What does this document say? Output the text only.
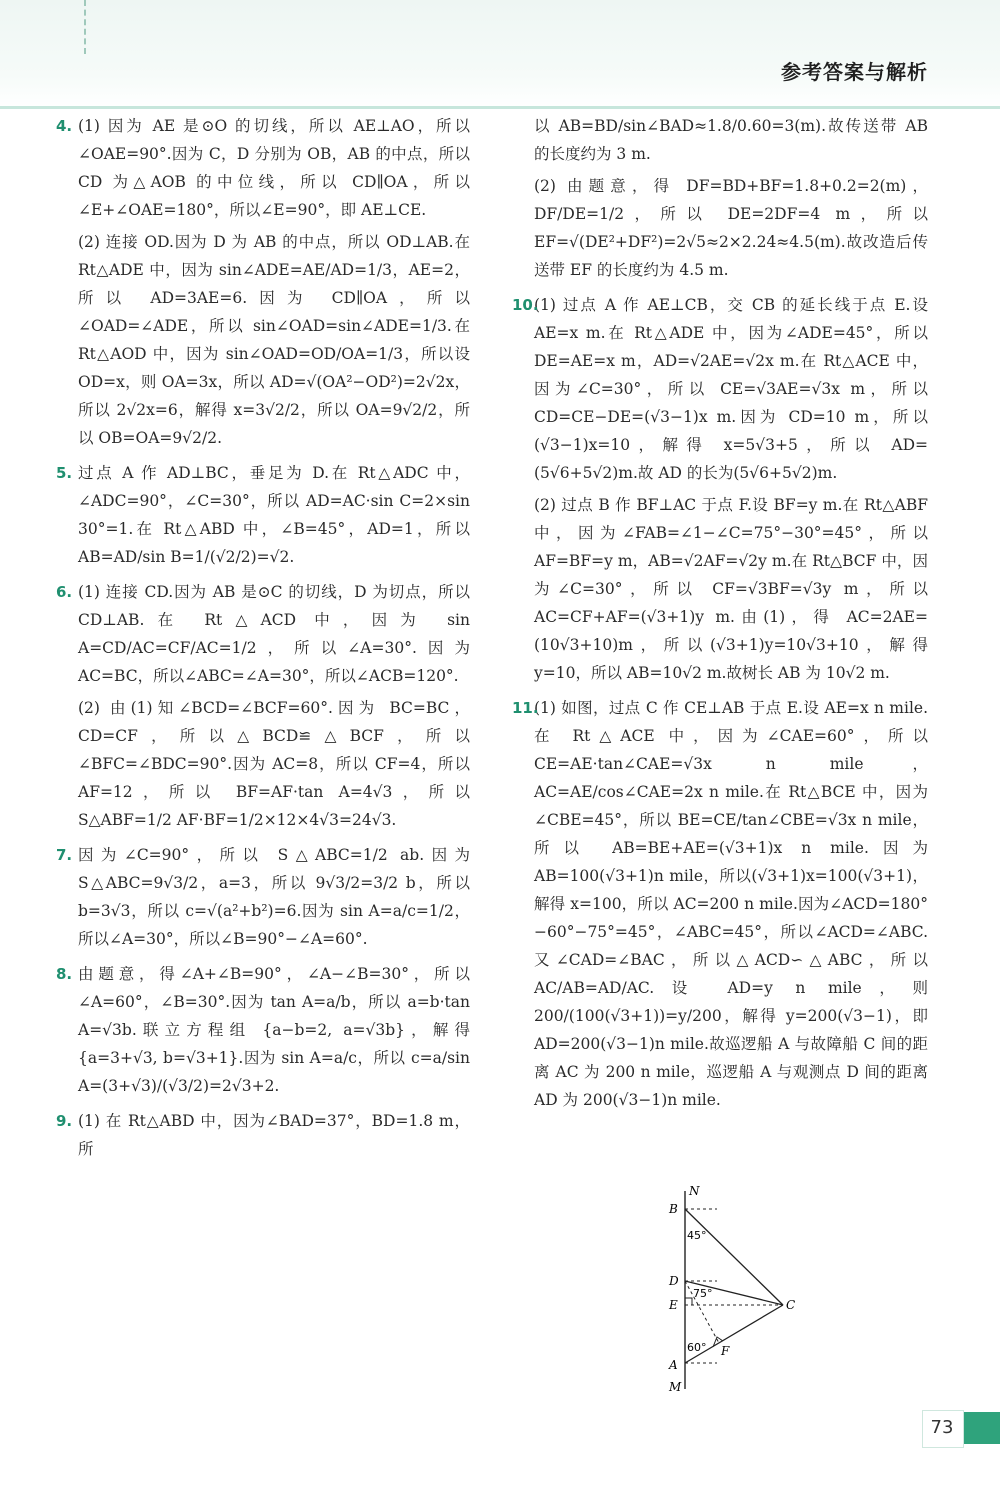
参考答案与解析
4. (1) 因为 AE 是⊙O 的切线，所以 AE⊥AO，所以∠OAE=90°.因为 C，D 分别为 OB，AB 的中点，所以 CD 为△AOB 的中位线，所以 CD∥OA，所以∠E+∠OAE=180°，所以∠E=90°，即 AE⊥CE.

(2) 连接 OD.因为 D 为 AB 的中点，所以 OD⊥AB.在 Rt△ADE 中，因为 sin∠ADE=AE/AD=1/3，AE=2，所以 AD=3AE=6.因为 CD∥OA，所以∠OAD=∠ADE，所以 sin∠OAD=sin∠ADE=1/3.在 Rt△AOD 中，因为 sin∠OAD=OD/OA=1/3，所以设 OD=x，则 OA=3x，所以 AD=√(OA²−OD²)=2√2x，所以 2√2x=6，解得 x=3√2/2，所以 OA=9√2/2，所以 OB=OA=9√2/2.

5. 过点 A 作 AD⊥BC，垂足为 D.在 Rt△ADC 中，∠ADC=90°，∠C=30°，所以 AD=AC·sin C=2×sin 30°=1.在 Rt△ABD 中，∠B=45°，AD=1，所以 AB=AD/sin B=1/(√2/2)=√2.

6. (1) 连接 CD.因为 AB 是⊙C 的切线，D 为切点，所以 CD⊥AB.在 Rt△ACD 中，因为 sin A=CD/AC=CF/AC=1/2，所以∠A=30°.因为 AC=BC，所以∠ABC=∠A=30°，所以∠ACB=120°.

(2) 由(1)知∠BCD=∠BCF=60°.因为 BC=BC，CD=CF，所以△BCD≌△BCF，所以∠BFC=∠BDC=90°.因为 AC=8，所以 CF=4，所以 AF=12，所以 BF=AF·tan A=4√3，所以 S△ABF=1/2 AF·BF=1/2×12×4√3=24√3.

7. 因为∠C=90°，所以 S△ABC=1/2 ab.因为 S△ABC=9√3/2，a=3，所以 9√3/2=3/2 b，所以 b=3√3，所以 c=√(a²+b²)=6.因为 sin A=a/c=1/2，所以∠A=30°，所以∠B=90°−∠A=60°.

8. 由题意，得∠A+∠B=90°，∠A−∠B=30°，所以∠A=60°，∠B=30°.因为 tan A=a/b，所以 a=b·tan A=√3b.联立方程组 {a−b=2, a=√3b}，解得 {a=3+√3, b=√3+1}.因为 sin A=a/c，所以 c=a/sin A=(3+√3)/(√3/2)=2√3+2.

9. (1) 在 Rt△ABD 中，因为∠BAD=37°，BD=1.8 m，所

以 AB=BD/sin∠BAD≈1.8/0.60=3(m).故传送带 AB 的长度约为 3 m.

(2) 由题意，得 DF=BD+BF=1.8+0.2=2(m)，DF/DE=1/2，所以 DE=2DF=4 m，所以 EF=√(DE²+DF²)=2√5≈2×2.24≈4.5(m).故改造后传送带 EF 的长度约为 4.5 m.

10.

(1) 过点 A 作 AE⊥CB，交 CB 的延长线于点 E.设 AE=x m.在 Rt△ADE 中，因为∠ADE=45°，所以 DE=AE=x m，AD=√2AE=√2x m.在 Rt△ACE 中，因为∠C=30°，所以 CE=√3AE=√3x m，所以 CD=CE−DE=(√3−1)x m.因为 CD=10 m，所以(√3−1)x=10，解得 x=5√3+5，所以 AD=(5√6+5√2)m.故 AD 的长为(5√6+5√2)m.

(2) 过点 B 作 BF⊥AC 于点 F.设 BF=y m.在 Rt△ABF 中，因为∠FAB=∠1−∠C=75°−30°=45°，所以 AF=BF=y m，AB=√2AF=√2y m.在 Rt△BCF 中，因为∠C=30°，所以 CF=√3BF=√3y m，所以 AC=CF+AF=(√3+1)y m.由(1)，得 AC=2AE=(10√3+10)m，所以(√3+1)y=10√3+10，解得 y=10，所以 AB=10√2 m.故树长 AB 为 10√2 m.

11.

(1) 如图，过点 C 作 CE⊥AB 于点 E.设 AE=x n mile.在 Rt△ACE 中，因为∠CAE=60°，所以 CE=AE·tan∠CAE=√3x n mile，AC=AE/cos∠CAE=2x n mile.在 Rt△BCE 中，因为∠CBE=45°，所以 BE=CE/tan∠CBE=√3x n mile，所以 AB=BE+AE=(√3+1)x n mile.因为 AB=100(√3+1)n mile，所以(√3+1)x=100(√3+1)，解得 x=100，所以 AC=200 n mile.因为∠ACD=180°−60°−75°=45°，∠ABC=45°，所以∠ACD=∠ABC.又∠CAD=∠BAC，所以△ACD∽△ABC，所以 AC/AB=AD/AC.设 AD=y n mile，则 200/(100(√3+1))=y/200，解得 y=200(√3−1)，即 AD=200(√3−1)n mile.故巡逻船 A 与故障船 C 间的距离 AC 为 200 n mile，巡逻船 A 与观测点 D 间的距离 AD 为 200(√3−1)n mile.

N
B
45°
D
75°
E	C
60° F
A
M
73
